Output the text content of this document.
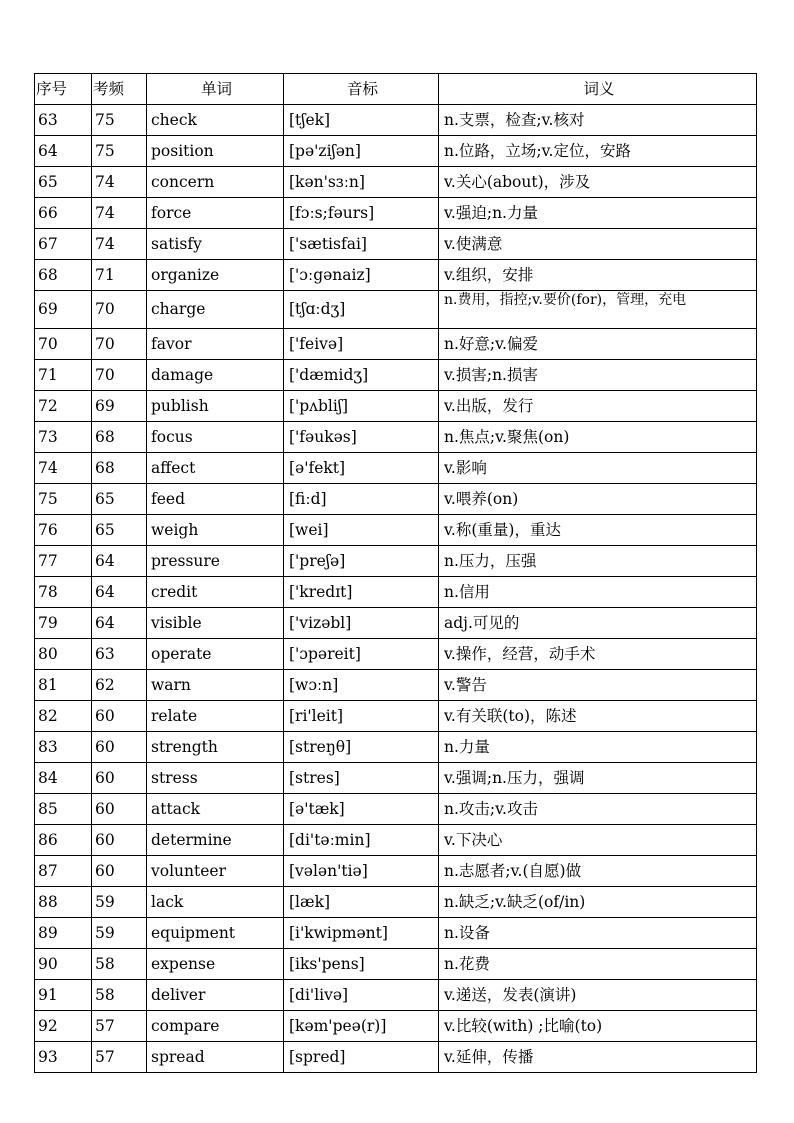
序号	考频	单词	音标	词义
63	75	check	[tʃek]	n.支票，检查;v.核对
64	75	position	[pə'ziʃən]	n.位路，立场;v.定位，安路
65	74	concern	[kən'sɜːn]	v.关心(about)，涉及
66	74	force	[fɔːs;fəurs]	v.强迫;n.力量
67	74	satisfy	['sætisfai]	v.使满意
68	71	organize	['ɔːgənaiz]	v.组织，安排
69	70	charge	[tʃɑːdʒ]	n.费用，指控;v.要价(for)，管理，充电
70	70	favor	['feivə]	n.好意;v.偏爱
71	70	damage	['dæmidʒ]	v.损害;n.损害
72	69	publish	['pʌbliʃ]	v.出版，发行
73	68	focus	['fəukəs]	n.焦点;v.聚焦(on)
74	68	affect	[ə'fekt]	v.影响
75	65	feed	[fiːd]	v.喂养(on)
76	65	weigh	[wei]	v.称(重量)，重达
77	64	pressure	['preʃə]	n.压力，压强
78	64	credit	['kredɪt]	n.信用
79	64	visible	['vizəbl]	adj.可见的
80	63	operate	['ɔpəreit]	v.操作，经营，动手术
81	62	warn	[wɔːn]	v.警告
82	60	relate	[ri'leit]	v.有关联(to)，陈述
83	60	strength	[streŋθ]	n.力量
84	60	stress	[stres]	v.强调;n.压力，强调
85	60	attack	[ə'tæk]	n.攻击;v.攻击
86	60	determine	[di'təːmin]	v.下决心
87	60	volunteer	[vələn'tiə]	n.志愿者;v.(自愿)做
88	59	lack	[læk]	n.缺乏;v.缺乏(of/in)
89	59	equipment	[i'kwipmənt]	n.设备
90	58	expense	[iks'pens]	n.花费
91	58	deliver	[di'livə]	v.递送，发表(演讲)
92	57	compare	[kəm'peə(r)]	v.比较(with) ;比喻(to)
93	57	spread	[spred]	v.延伸，传播
